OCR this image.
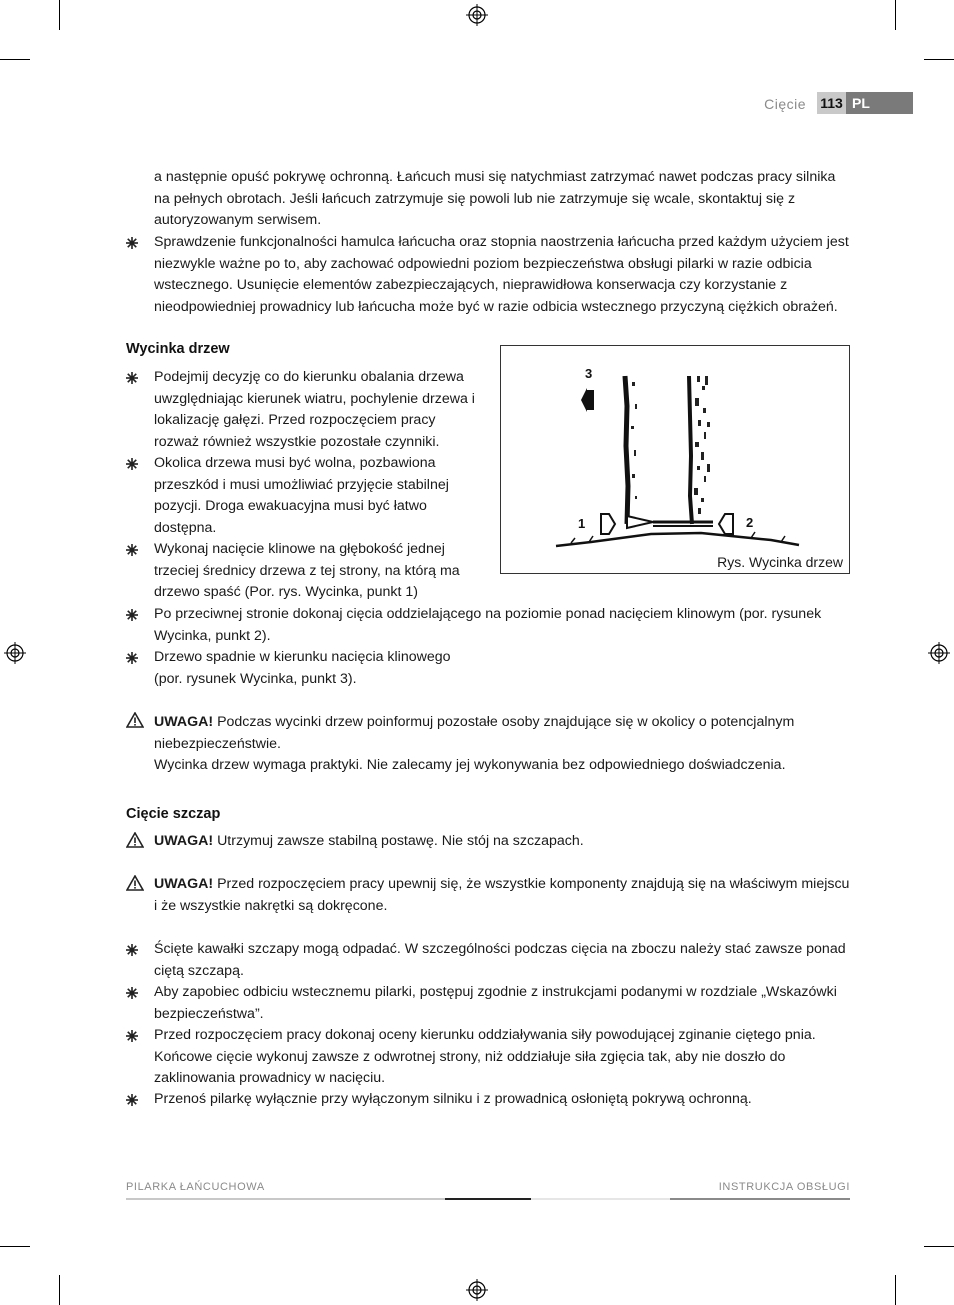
Cięcie 113 PL
a następnie opuść pokrywę ochronną. Łańcuch musi się natychmiast zatrzymać nawet podczas pracy silnika na pełnych obrotach. Jeśli łańcuch zatrzymuje się powoli lub nie zatrzymuje się wcale, skontaktuj się z autoryzowanym serwisem.
Sprawdzenie funkcjonalności hamulca łańcucha oraz stopnia naostrzenia łańcucha przed każdym użyciem jest niezwykle ważne po to, aby zachować odpowiedni poziom bezpieczeństwa obsługi pilarki w razie odbicia wstecznego. Usunięcie elementów zabezpieczających, nieprawidłowa konserwacja czy korzystanie z nieodpowiedniej prowadnicy lub łańcucha może być w razie odbicia wstecznego przyczyną ciężkich obrażeń.
Wycinka drzew
Podejmij decyzję co do kierunku obalania drzewa uwzględniając kierunek wiatru, pochylenie drzewa i lokalizację gałęzi. Przed rozpoczęciem pracy rozważ również wszystkie pozostałe czynniki.
Okolica drzewa musi być wolna, pozbawiona przeszkód i musi umożliwiać przyjęcie stabilnej pozycji. Droga ewakuacyjna musi być łatwo dostępna.
Wykonaj nacięcie klinowe na głębokość jednej trzeciej średnicy drzewa z tej strony, na którą ma drzewo spaść (Por. rys. Wycinka, punkt 1)
Po przeciwnej stronie dokonaj cięcia oddzielającego na poziomie ponad nacięciem klinowym (por. rysunek Wycinka, punkt 2).
Drzewo spadnie w kierunku nacięcia klinowego (por. rysunek Wycinka, punkt 3).
3
1	2
Rys. Wycinka drzew
UWAGA! Podczas wycinki drzew poinformuj pozostałe osoby znajdujące się w okolicy o potencjalnym niebezpieczeństwie.
Wycinka drzew wymaga praktyki. Nie zalecamy jej wykonywania bez odpowiedniego doświadczenia.
Cięcie szczap
UWAGA! Utrzymuj zawsze stabilną postawę. Nie stój na szczapach.
UWAGA! Przed rozpoczęciem pracy upewnij się, że wszystkie komponenty znajdują się na właściwym miejscu i że wszystkie nakrętki są dokręcone.
Ścięte kawałki szczapy mogą odpadać. W szczególności podczas cięcia na zboczu należy stać zawsze ponad ciętą szczapą.
Aby zapobiec odbiciu wstecznemu pilarki, postępuj zgodnie z instrukcjami podanymi w rozdziale „Wskazówki bezpieczeństwa”.
Przed rozpoczęciem pracy dokonaj oceny kierunku oddziaływania siły powodującej zginanie ciętego pnia. Końcowe cięcie wykonuj zawsze z odwrotnej strony, niż oddziałuje siła zgięcia tak, aby nie doszło do zaklinowania prowadnicy w nacięciu.
Przenoś pilarkę wyłącznie przy wyłączonym silniku i z prowadnicą osłoniętą pokrywą ochronną.
PILARKA ŁAŃCUCHOWA	INSTRUKCJA OBSŁUGI
